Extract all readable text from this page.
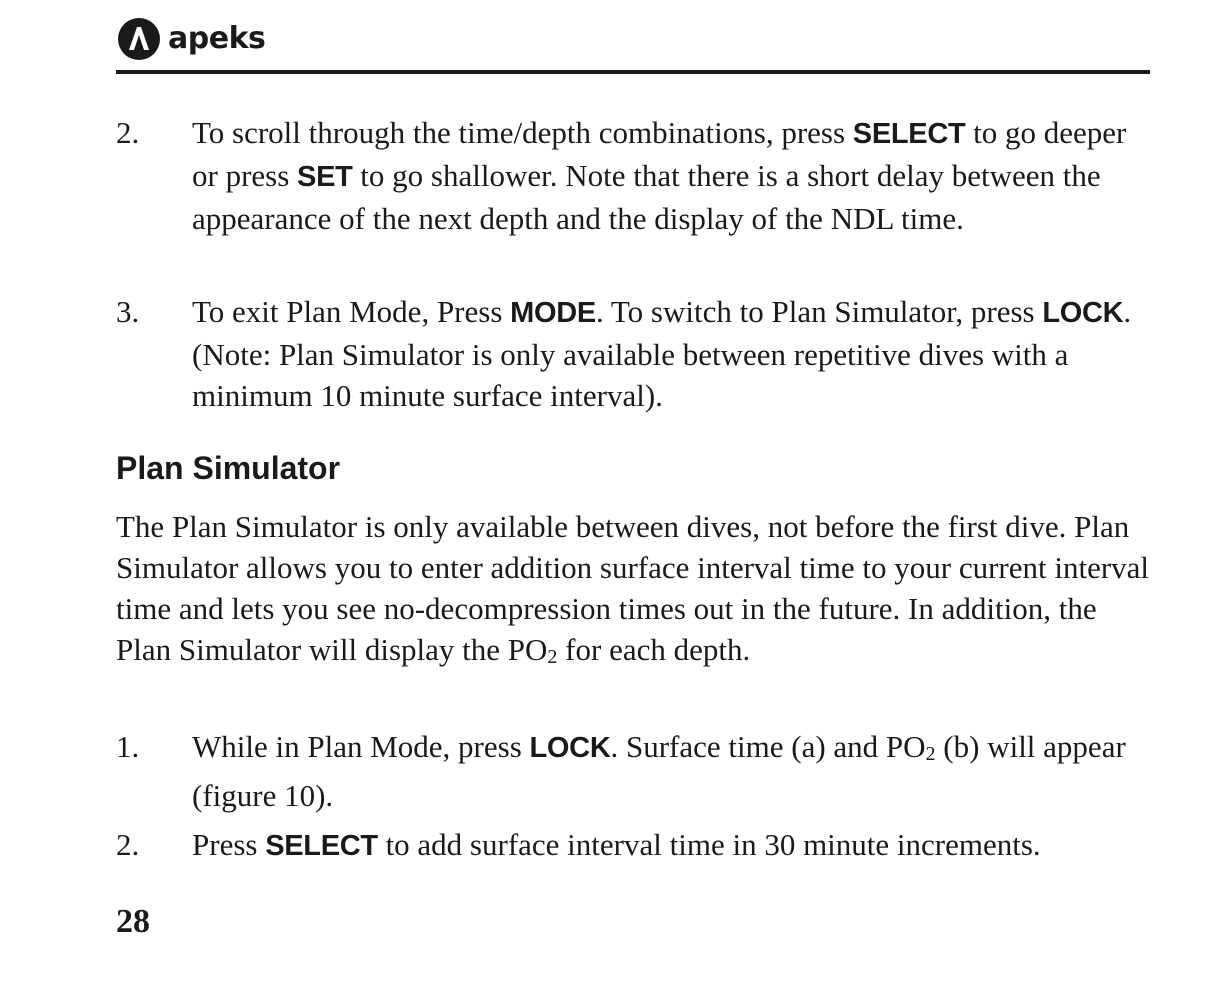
apeks
2.	To scroll through the time/depth combinations, press SELECT to go deeper or press SET to go shallower. Note that there is a short delay between the appearance of the next depth and the display of the NDL time.
3.	To exit Plan Mode, Press MODE. To switch to Plan Simulator, press LOCK. (Note: Plan Simulator is only available between repetitive dives with a minimum 10 minute surface interval).
Plan Simulator

The Plan Simulator is only available between dives, not before the first dive. Plan Simulator allows you to enter addition surface interval time to your current interval time and lets you see no-decompression times out in the future. In addition, the Plan Simulator will display the $PO_2$ for each depth.

1.	While in Plan Mode, press LOCK. Surface time (a) and $PO_2$ (b) will appear (figure 10).
2.	Press SELECT to add surface interval time in 30 minute increments.
28
